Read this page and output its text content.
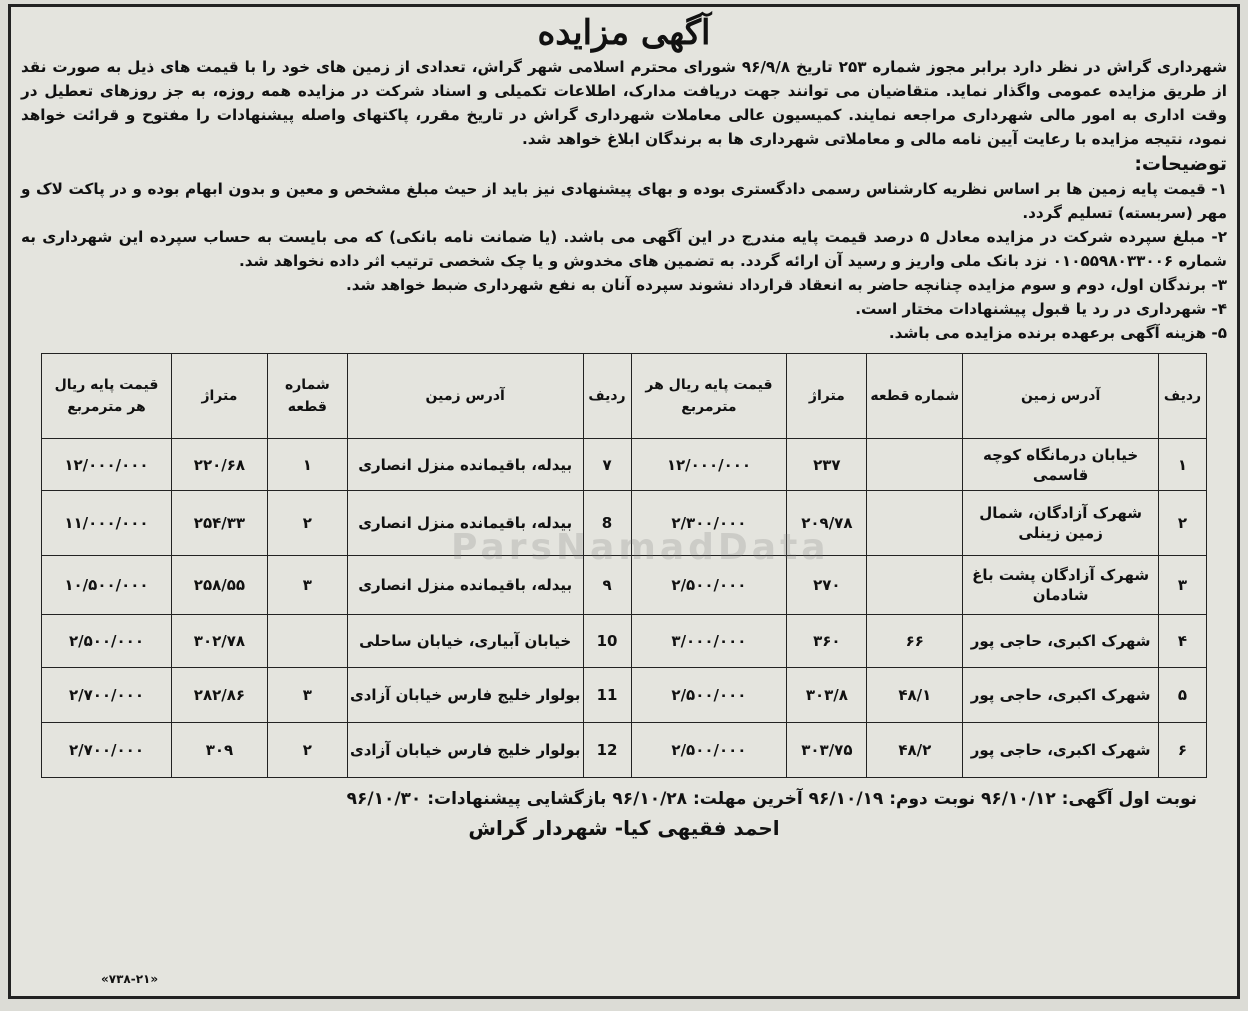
ParsNamadData
آگهی مزایده

شهرداری گراش در نظر دارد برابر مجوز شماره ۲۵۳ تاریخ ۹۶/۹/۸ شورای محترم اسلامی شهر گراش، تعدادی از زمین های خود را با قیمت های ذیل به صورت نقد از طریق مزایده عمومی واگذار نماید. متقاضیان می توانند جهت دریافت مدارک، اطلاعات تکمیلی و اسناد شرکت در مزایده همه روزه، به جز روزهای تعطیل در وقت اداری به امور مالی شهرداری مراجعه نمایند. کمیسیون عالی معاملات شهرداری گراش در تاریخ مقرر، پاکتهای واصله پیشنهادات را مفتوح و قرائت خواهد نمود، نتیجه مزایده با رعایت آیین نامه مالی و معاملاتی شهرداری ها به برندگان ابلاغ خواهد شد.

توضیحات:

۱- قیمت پایه زمین ها بر اساس نظریه کارشناس رسمی دادگستری بوده و بهای پیشنهادی نیز باید از حیث مبلغ مشخص و معین و بدون ابهام بوده و در پاکت لاک و مهر (سربسته) تسلیم گردد.
۲- مبلغ سپرده شرکت در مزایده معادل ۵ درصد قیمت پایه مندرج در این آگهی می باشد. (یا ضمانت نامه بانکی) که می بایست به حساب سپرده این شهرداری به شماره ۰۱۰۵۵۹۸۰۳۳۰۰۶ نزد بانک ملی واریز و رسید آن ارائه گردد. به تضمین های مخدوش و یا چک شخصی ترتیب اثر داده نخواهد شد.
۳- برندگان اول، دوم و سوم مزایده چنانچه حاضر به انعقاد قرارداد نشوند سپرده آنان به نفع شهرداری ضبط خواهد شد.
۴- شهرداری در رد یا قبول پیشنهادات مختار است.
۵- هزینه آگهی برعهده برنده مزایده می باشد.
ردیف	آدرس زمین	شماره قطعه	متراژ	قیمت پایه ریال هر مترمربع	ردیف	آدرس زمین	شماره قطعه	متراژ	قیمت پایه ریال هر مترمربع
۱	خیابان درمانگاه کوچه قاسمی		۲۳۷	۱۲/۰۰۰/۰۰۰	۷	بیدله، باقیمانده منزل انصاری	۱	۲۲۰/۶۸	۱۲/۰۰۰/۰۰۰
۲	شهرک آزادگان، شمال زمین زینلی		۲۰۹/۷۸	۲/۳۰۰/۰۰۰	8	بیدله، باقیمانده منزل انصاری	۲	۲۵۴/۳۳	۱۱/۰۰۰/۰۰۰
۳	شهرک آزادگان پشت باغ شادمان		۲۷۰	۲/۵۰۰/۰۰۰	۹	بیدله، باقیمانده منزل انصاری	۳	۲۵۸/۵۵	۱۰/۵۰۰/۰۰۰
۴	شهرک اکبری، حاجی پور	۶۶	۳۶۰	۳/۰۰۰/۰۰۰	10	خیابان آبیاری، خیابان ساحلی		۳۰۲/۷۸	۲/۵۰۰/۰۰۰
۵	شهرک اکبری، حاجی پور	۴۸/۱	۳۰۳/۸	۲/۵۰۰/۰۰۰	11	بولوار خلیج فارس خیابان آزادی	۳	۲۸۲/۸۶	۲/۷۰۰/۰۰۰
۶	شهرک اکبری، حاجی پور	۴۸/۲	۳۰۳/۷۵	۲/۵۰۰/۰۰۰	12	بولوار خلیج فارس خیابان آزادی	۲	۳۰۹	۲/۷۰۰/۰۰۰

نوبت اول آگهی: ۹۶/۱۰/۱۲ نوبت دوم: ۹۶/۱۰/۱۹ آخرین مهلت: ۹۶/۱۰/۲۸ بازگشایی پیشنهادات: ۹۶/۱۰/۳۰

احمد فقیهی کیا- شهردار گراش

«۷۳۸-۲۱»
